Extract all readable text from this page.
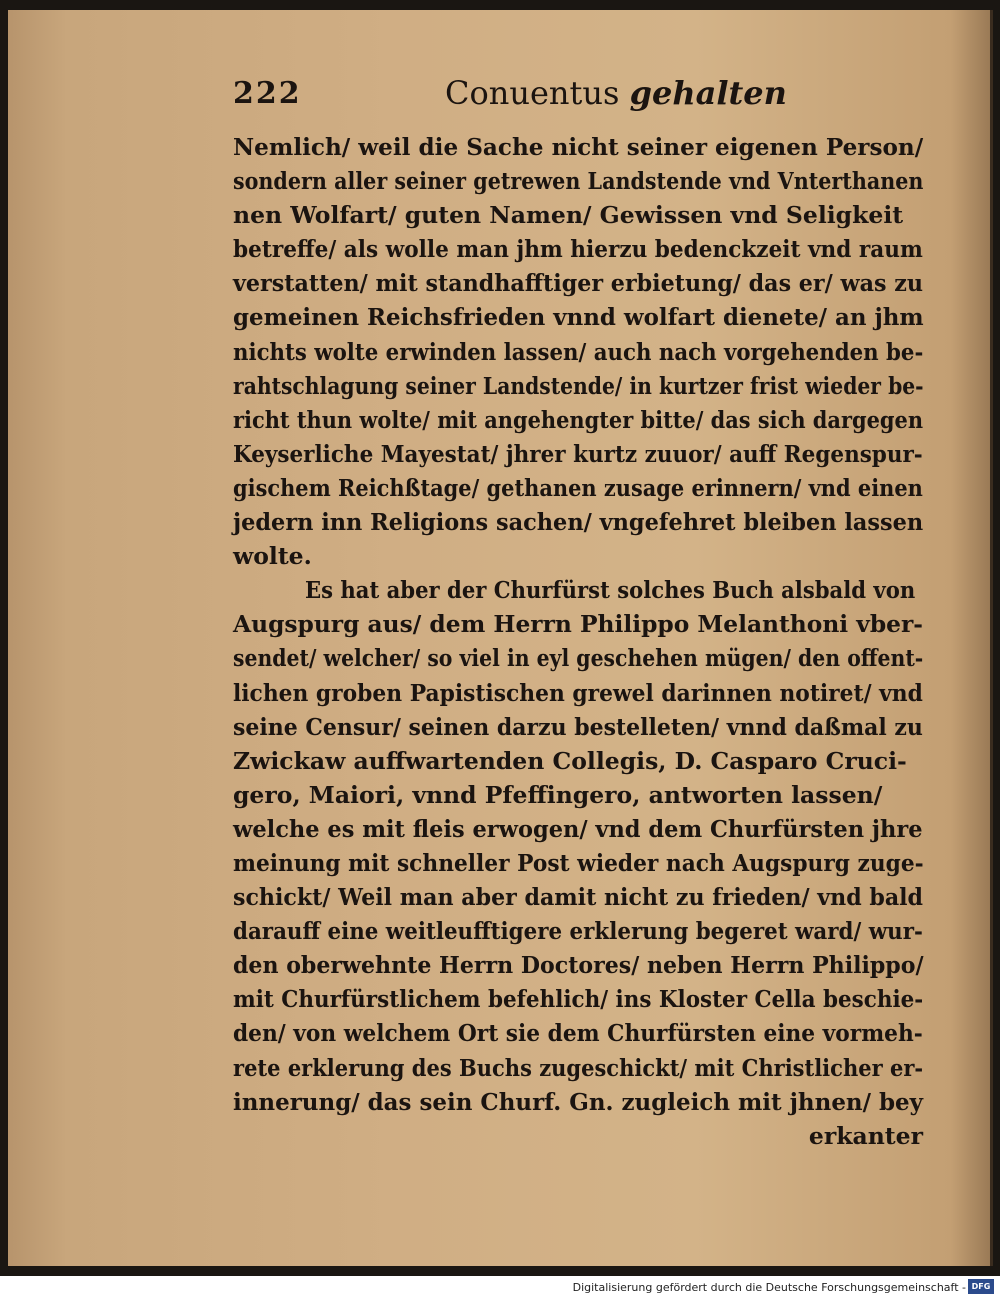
222	Conuentus gehalten
Nemlich/ weil die Sache nicht seiner eigenen Person/
sondern aller seiner getrewen Landstende vnd Vnterthanen
nen Wolfart/ guten Namen/ Gewissen vnd Seligkeit
betreffe/ als wolle man jhm hierzu bedenckzeit vnd raum
verstatten/ mit standhafftiger erbietung/ das er/ was zu
gemeinen Reichsfrieden vnnd wolfart dienete/ an jhm
nichts wolte erwinden lassen/ auch nach vorgehenden be-
rahtschlagung seiner Landstende/ in kurtzer frist wieder be-
richt thun wolte/ mit angehengter bitte/ das sich dargegen
Keyserliche Mayestat/ jhrer kurtz zuuor/ auff Regenspur-
gischem Reichßtage/ gethanen zusage erinnern/ vnd einen
jedern inn Religions sachen/ vngefehret bleiben lassen
wolte.
Es hat aber der Churfürst solches Buch alsbald von
Augspurg aus/ dem Herrn Philippo Melanthoni vber-
sendet/ welcher/ so viel in eyl geschehen mügen/ den offent-
lichen groben Papistischen grewel darinnen notiret/ vnd
seine Censur/ seinen darzu bestelleten/ vnnd daßmal zu
Zwickaw auffwartenden Collegis, D. Casparo Cruci-
gero, Maiori, vnnd Pfeffingero, antworten lassen/
welche es mit fleis erwogen/ vnd dem Churfürsten jhre
meinung mit schneller Post wieder nach Augspurg zuge-
schickt/ Weil man aber damit nicht zu frieden/ vnd bald
darauff eine weitleufftigere erklerung begeret ward/ wur-
den oberwehnte Herrn Doctores/ neben Herrn Philippo/
mit Churfürstlichem befehlich/ ins Kloster Cella beschie-
den/ von welchem Ort sie dem Churfürsten eine vormeh-
rete erklerung des Buchs zugeschickt/ mit Christlicher er-
innerung/ das sein Churf. Gn. zugleich mit jhnen/ bey
erkanter
Digitalisierung gefördert durch die Deutsche Forschungsgemeinschaft - DFG
